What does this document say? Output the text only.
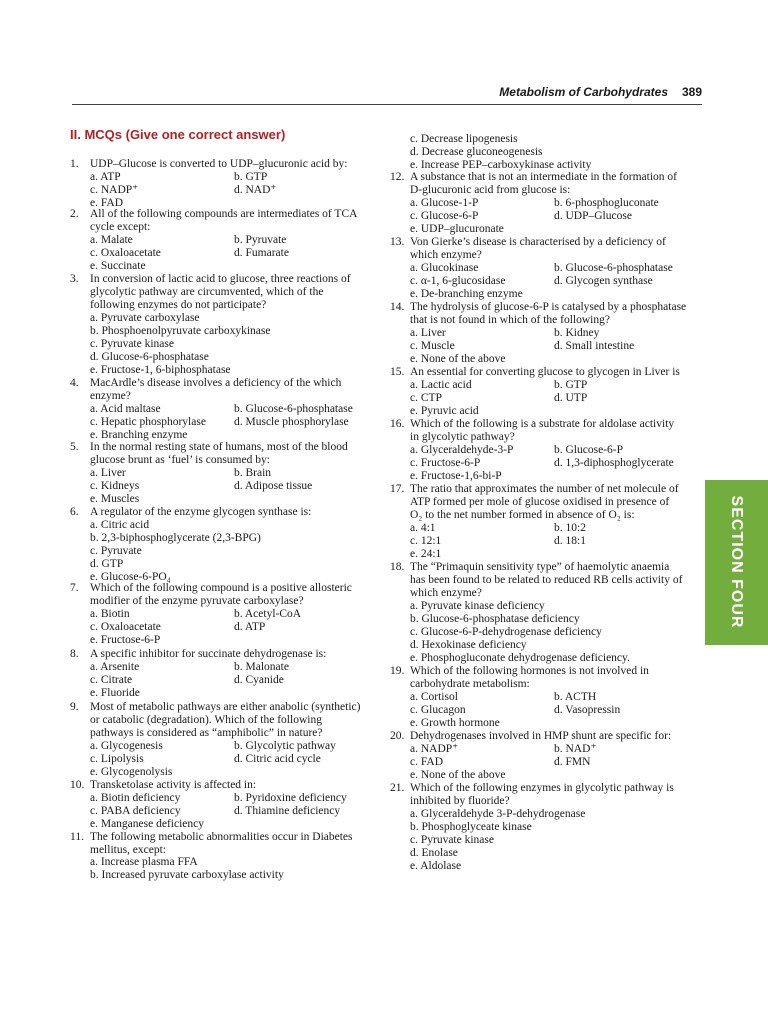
Metabolism of Carbohydrates 389
II. MCQs (Give one correct answer)
1. UDP–Glucose is converted to UDP–glucuronic acid by:
a. ATP	b. GTP
c. NADP⁺	d. NAD⁺
e. FAD
2. All of the following compounds are intermediates of TCA
cycle except:
a. Malate	b. Pyruvate
c. Oxaloacetate	d. Fumarate
e. Succinate
3. In conversion of lactic acid to glucose, three reactions of
glycolytic pathway are circumvented, which of the
following enzymes do not participate?
a. Pyruvate carboxylase
b. Phosphoenolpyruvate carboxykinase
c. Pyruvate kinase
d. Glucose-6-phosphatase
e. Fructose-1, 6-biphosphatase
4. MacArdle’s disease involves a deficiency of the which
enzyme?
a. Acid maltase	b. Glucose-6-phosphatase
c. Hepatic phosphorylase d. Muscle phosphorylase
e. Branching enzyme
5. In the normal resting state of humans, most of the blood
glucose brunt as ‘fuel’ is consumed by:
a. Liver	b. Brain
c. Kidneys	d. Adipose tissue
e. Muscles
6. A regulator of the enzyme glycogen synthase is:
a. Citric acid
b. 2,3-biphosphoglycerate (2,3-BPG)
c. Pyruvate
d. GTP
e. Glucose-6-PO₄
7. Which of the following compound is a positive allosteric
modifier of the enzyme pyruvate carboxylase?
a. Biotin	b. Acetyl-CoA
c. Oxaloacetate	d. ATP
e. Fructose-6-P
8. A specific inhibitor for succinate dehydrogenase is:
a. Arsenite	b. Malonate
c. Citrate	d. Cyanide
e. Fluoride
9. Most of metabolic pathways are either anabolic (synthetic)
or catabolic (degradation). Which of the following
pathways is considered as “amphibolic” in nature?
a. Glycogenesis	b. Glycolytic pathway
c. Lipolysis	d. Citric acid cycle
e. Glycogenolysis
10. Transketolase activity is affected in:
a. Biotin deficiency	b. Pyridoxine deficiency
c. PABA deficiency	d. Thiamine deficiency
e. Manganese deficiency
11. The following metabolic abnormalities occur in Diabetes
mellitus, except:
a. Increase plasma FFA
b. Increased pyruvate carboxylase activity
c. Decrease lipogenesis
d. Decrease gluconeogenesis
e. Increase PEP–carboxykinase activity
12. A substance that is not an intermediate in the formation of
D-glucuronic acid from glucose is:
a. Glucose-1-P	b. 6-phosphogluconate
c. Glucose-6-P	d. UDP–Glucose
e. UDP–glucuronate
13. Von Gierke’s disease is characterised by a deficiency of
which enzyme?
a. Glucokinase	b. Glucose-6-phosphatase
c. α-1, 6-glucosidase	d. Glycogen synthase
e. De-branching enzyme
14. The hydrolysis of glucose-6-P is catalysed by a phosphatase
that is not found in which of the following?
a. Liver	b. Kidney
c. Muscle	d. Small intestine
e. None of the above
15. An essential for converting glucose to glycogen in Liver is
a. Lactic acid	b. GTP
c. CTP	d. UTP
e. Pyruvic acid
16. Which of the following is a substrate for aldolase activity
in glycolytic pathway?
a. Glyceraldehyde-3-P	b. Glucose-6-P
c. Fructose-6-P	d. 1,3-diphosphoglycerate
e. Fructose-1,6-bi-P
17. The ratio that approximates the number of net molecule of
ATP formed per mole of glucose oxidised in presence of
O₂ to the net number formed in absence of O₂ is:
a. 4:1	b. 10:2
c. 12:1	d. 18:1
e. 24:1
18. The “Primaquin sensitivity type” of haemolytic anaemia
has been found to be related to reduced RB cells activity of
which enzyme?
a. Pyruvate kinase deficiency
b. Glucose-6-phosphatase deficiency
c. Glucose-6-P-dehydrogenase deficiency
d. Hexokinase deficiency
e. Phosphogluconate dehydrogenase deficiency.
19. Which of the following hormones is not involved in
carbohydrate metabolism:
a. Cortisol	b. ACTH
c. Glucagon	d. Vasopressin
e. Growth hormone
20. Dehydrogenases involved in HMP shunt are specific for:
a. NADP⁺	b. NAD⁺
c. FAD	d. FMN
e. None of the above
21. Which of the following enzymes in glycolytic pathway is
inhibited by fluoride?
a. Glyceraldehyde 3-P-dehydrogenase
b. Phosphoglyceate kinase
c. Pyruvate kinase
d. Enolase
e. Aldolase
SECTION FOUR
